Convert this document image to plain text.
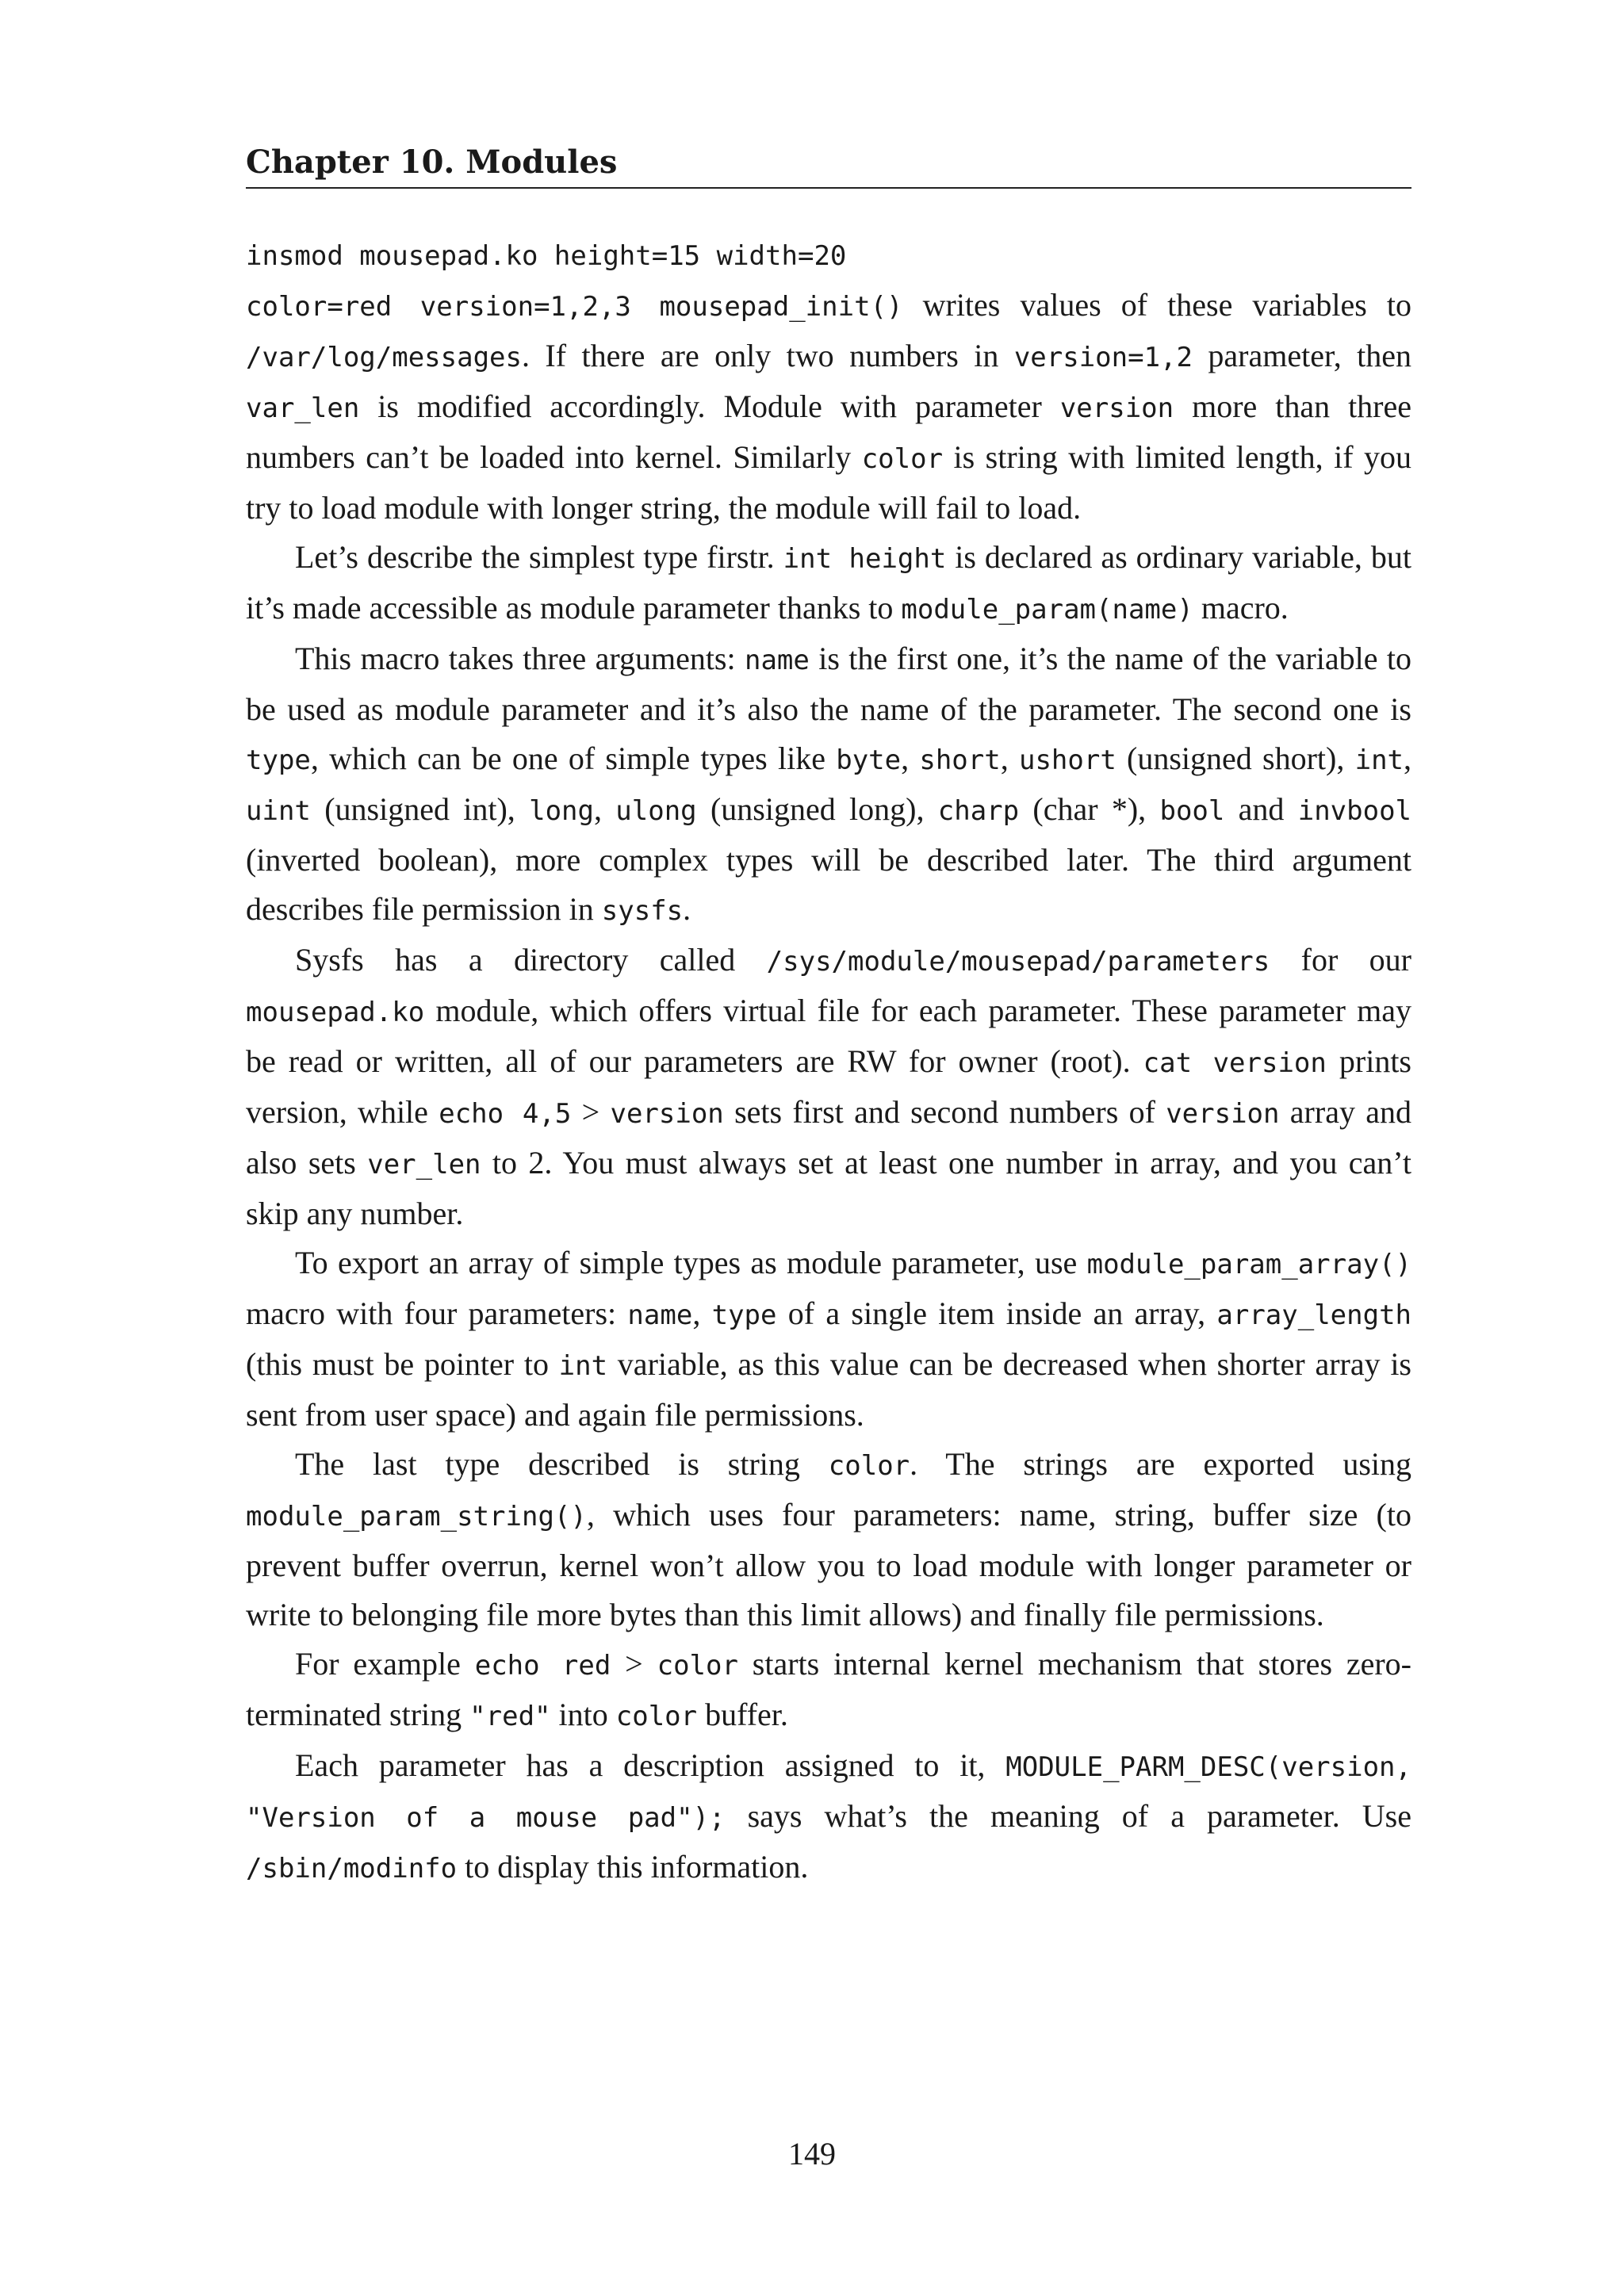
Chapter 10. Modules

insmod mousepad.ko height=15 width=20

color=red version=1,2,3 mousepad_init() writes values of these variables to /var/log/messages. If there are only two numbers in version=1,2 parameter, then var_len is modified accordingly. Module with parameter version more than three numbers can’t be loaded into kernel. Similarly color is string with limited length, if you try to load module with longer string, the module will fail to load.

Let’s describe the simplest type firstr. int height is declared as ordinary variable, but it’s made accessible as module parameter thanks to module_param(name) macro.

This macro takes three arguments: name is the first one, it’s the name of the variable to be used as module parameter and it’s also the name of the parameter. The second one is type, which can be one of simple types like byte, short, ushort (unsigned short), int, uint (unsigned int), long, ulong (unsigned long), charp (char *), bool and invbool (inverted boolean), more complex types will be described later. The third argument describes file permission in sysfs.

Sysfs has a directory called /sys/module/mousepad/parameters for our mousepad.ko module, which offers virtual file for each parameter. These parameter may be read or written, all of our parameters are RW for owner (root). cat version prints version, while echo 4,5 > version sets first and second numbers of version array and also sets ver_len to 2. You must always set at least one number in array, and you can’t skip any number.

To export an array of simple types as module parameter, use module_param_array() macro with four parameters: name, type of a single item inside an array, array_length (this must be pointer to int variable, as this value can be decreased when shorter array is sent from user space) and again file permissions.

The last type described is string color. The strings are exported using module_param_string(), which uses four parameters: name, string, buffer size (to prevent buffer overrun, kernel won’t allow you to load module with longer parameter or write to belonging file more bytes than this limit allows) and finally file permissions.

For example echo red > color starts internal kernel mechanism that stores zero-terminated string "red" into color buffer.

Each parameter has a description assigned to it, MODULE_PARM_DESC(version, "Version of a mouse pad"); says what’s the meaning of a parameter. Use /sbin/modinfo to display this information.

149
